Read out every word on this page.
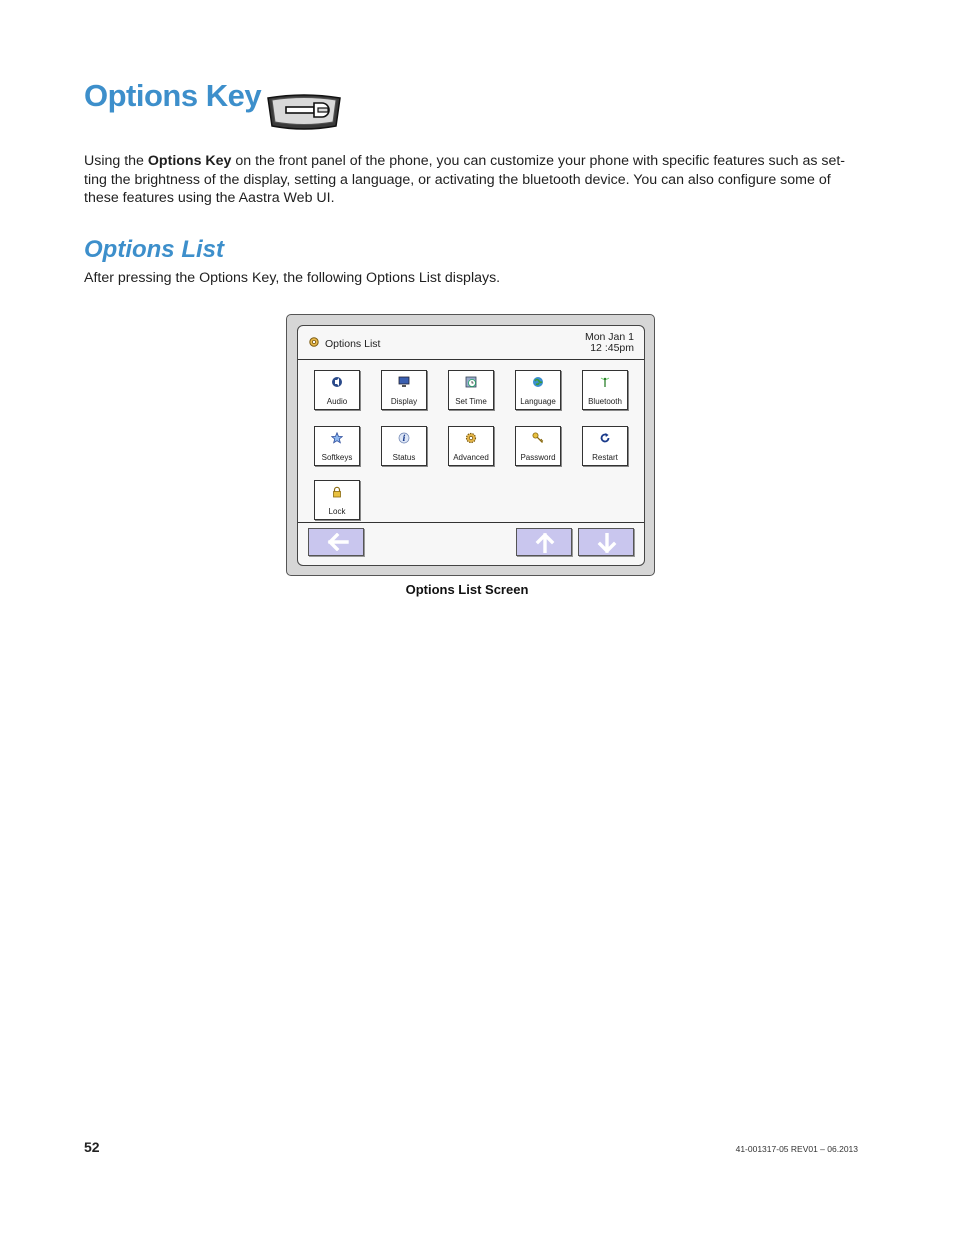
Options Key
Using the Options Key on the front panel of the phone, you can customize your phone with specific features such as set-ting the brightness of the display, setting a language, or activating the bluetooth device. You can also configure some of these features using the Aastra Web UI.
Options List
After pressing the Options Key, the following Options List displays.
Options List
Mon Jan 1
12 :45pm
Audio	Display	Set Time	Language	Bluetooth
Softkeys
i
Status	Advanced	Password	Restart
Lock
Options List Screen
52	41-001317-05 REV01 – 06.2013
